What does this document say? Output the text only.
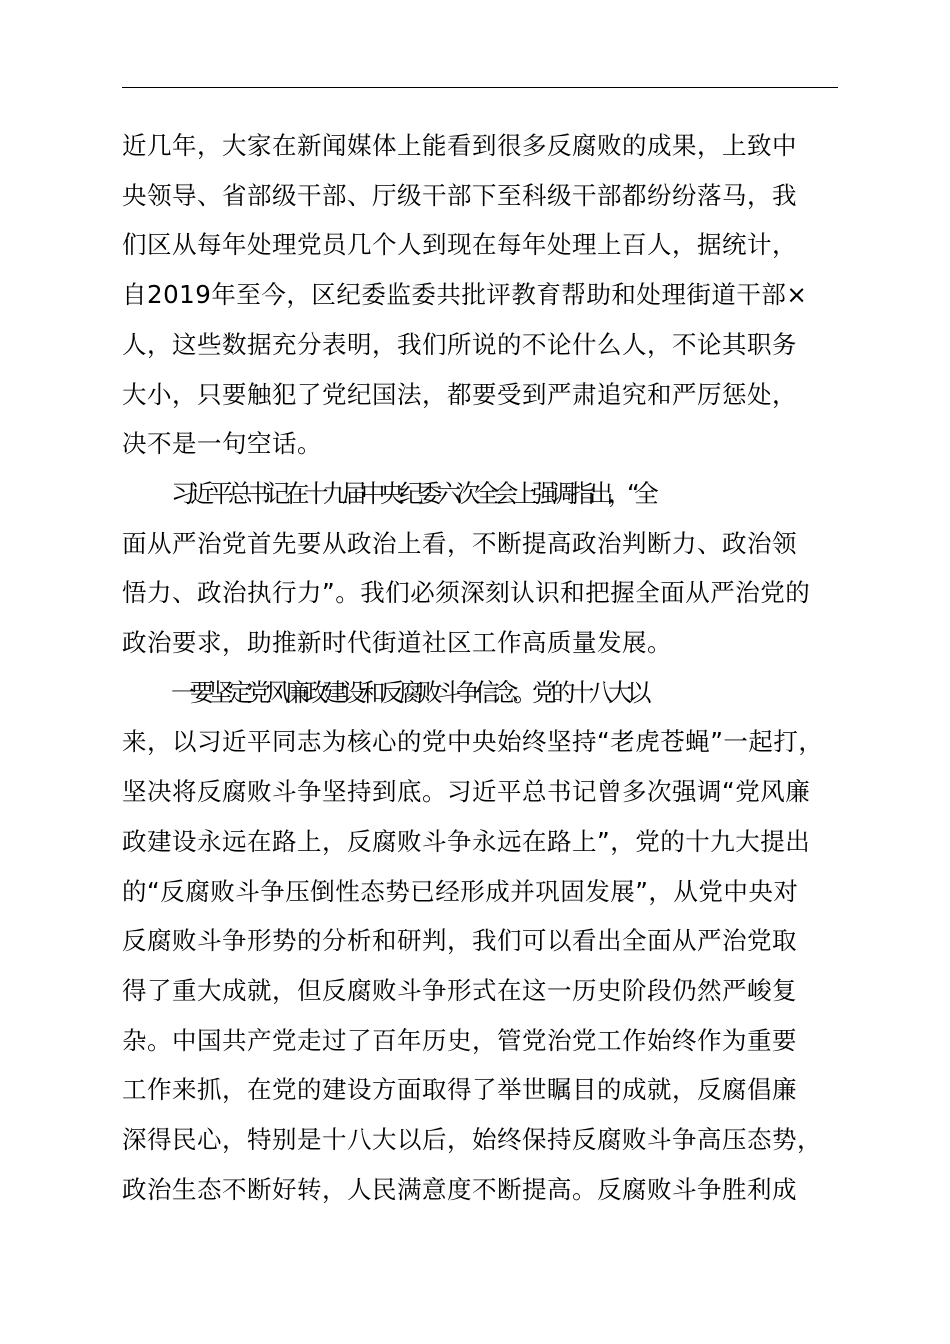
近几年，大家在新闻媒体上能看到很多反腐败的成果，上致中
央领导、省部级干部、厅级干部下至科级干部都纷纷落马，我
们区从每年处理党员几个人到现在每年处理上百人，据统计，
自2019年至今，区纪委监委共批评教育帮助和处理街道干部×
人，这些数据充分表明，我们所说的不论什么人，不论其职务
大小，只要触犯了党纪国法，都要受到严肃追究和严厉惩处，
决不是一句空话。
习近平总书记在十九届中央纪委六次全会上强调指出，“全
面从严治党首先要从政治上看，不断提高政治判断力、政治领
悟力、政治执行力”。我们必须深刻认识和把握全面从严治党的
政治要求，助推新时代街道社区工作高质量发展。
一要坚定党风廉政建设和反腐败斗争信念。党的十八大以
来，以习近平同志为核心的党中央始终坚持“老虎苍蝇”一起打，
坚决将反腐败斗争坚持到底。习近平总书记曾多次强调“党风廉
政建设永远在路上，反腐败斗争永远在路上”，党的十九大提出
的“反腐败斗争压倒性态势已经形成并巩固发展”，从党中央对
反腐败斗争形势的分析和研判，我们可以看出全面从严治党取
得了重大成就，但反腐败斗争形式在这一历史阶段仍然严峻复
杂。中国共产党走过了百年历史，管党治党工作始终作为重要
工作来抓，在党的建设方面取得了举世瞩目的成就，反腐倡廉
深得民心，特别是十八大以后，始终保持反腐败斗争高压态势，
政治生态不断好转，人民满意度不断提高。反腐败斗争胜利成
